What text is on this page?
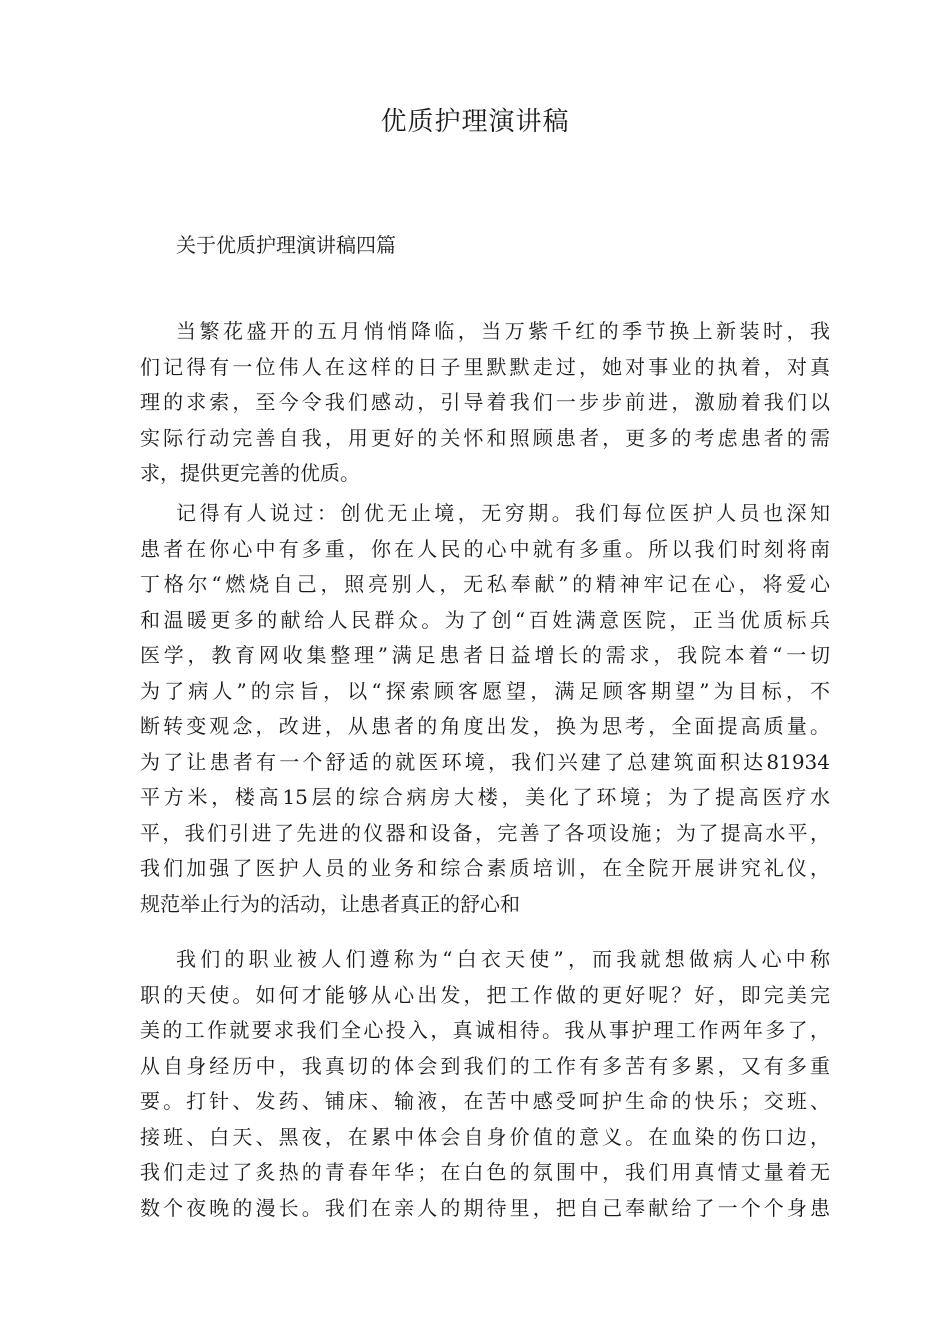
优质护理演讲稿
关于优质护理演讲稿四篇
当繁花盛开的五月悄悄降临，当万紫千红的季节换上新装时，我
们记得有一位伟人在这样的日子里默默走过，她对事业的执着，对真
理的求索，至今令我们感动，引导着我们一步步前进，激励着我们以
实际行动完善自我，用更好的关怀和照顾患者，更多的考虑患者的需
求，提供更完善的优质。
记得有人说过：创优无止境，无穷期。我们每位医护人员也深知
患者在你心中有多重，你在人民的心中就有多重。所以我们时刻将南
丁格尔“燃烧自己，照亮别人，无私奉献”的精神牢记在心，将爱心
和温暖更多的献给人民群众。为了创“百姓满意医院，正当优质标兵
医学，教育网收集整理”满足患者日益增长的需求，我院本着“一切
为了病人”的宗旨，以“探索顾客愿望，满足顾客期望”为目标，不
断转变观念，改进，从患者的角度出发，换为思考，全面提高质量。
为了让患者有一个舒适的就医环境，我们兴建了总建筑面积达81934
平方米，楼高15层的综合病房大楼，美化了环境；为了提高医疗水
平，我们引进了先进的仪器和设备，完善了各项设施；为了提高水平，
我们加强了医护人员的业务和综合素质培训，在全院开展讲究礼仪，
规范举止行为的活动，让患者真正的舒心和
我们的职业被人们遵称为“白衣天使”，而我就想做病人心中称
职的天使。如何才能够从心出发，把工作做的更好呢？好，即完美完
美的工作就要求我们全心投入，真诚相待。我从事护理工作两年多了，
从自身经历中，我真切的体会到我们的工作有多苦有多累，又有多重
要。打针、发药、铺床、输液，在苦中感受呵护生命的快乐；交班、
接班、白天、黑夜，在累中体会自身价值的意义。在血染的伤口边，
我们走过了炙热的青春年华；在白色的氛围中，我们用真情丈量着无
数个夜晚的漫长。我们在亲人的期待里，把自己奉献给了一个个身患
